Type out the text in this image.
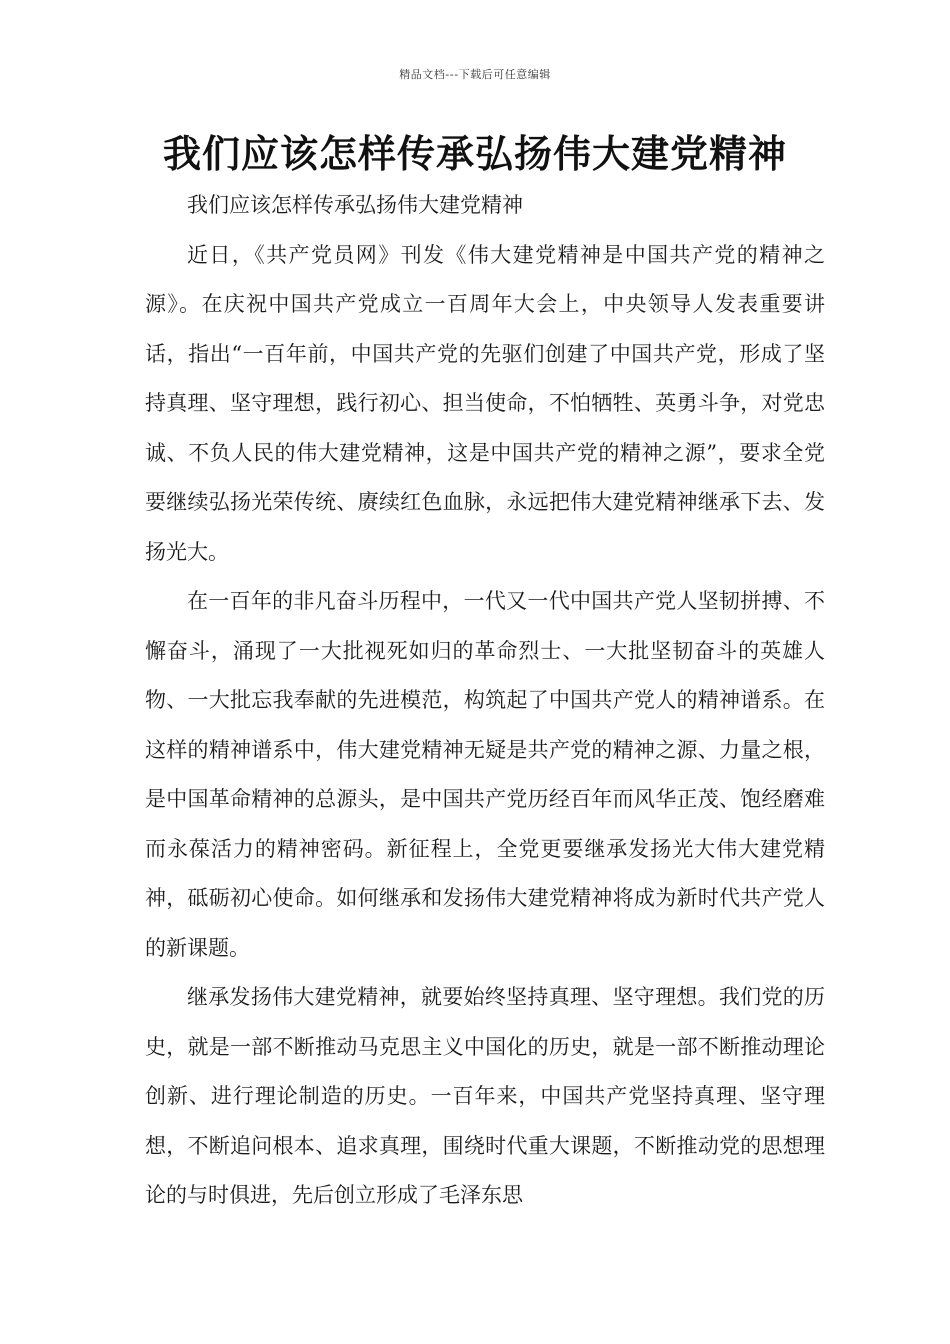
精品文档---下载后可任意编辑
我们应该怎样传承弘扬伟大建党精神

我们应该怎样传承弘扬伟大建党精神

近日，《共产党员网》刊发《伟大建党精神是中国共产党的精神之源》。在庆祝中国共产党成立一百周年大会上，中央领导人发表重要讲话，指出“一百年前，中国共产党的先驱们创建了中国共产党，形成了坚持真理、坚守理想，践行初心、担当使命，不怕牺牲、英勇斗争，对党忠诚、不负人民的伟大建党精神，这是中国共产党的精神之源”，要求全党要继续弘扬光荣传统、赓续红色血脉，永远把伟大建党精神继承下去、发扬光大。

在一百年的非凡奋斗历程中，一代又一代中国共产党人坚韧拼搏、不懈奋斗，涌现了一大批视死如归的革命烈士、一大批坚韧奋斗的英雄人物、一大批忘我奉献的先进模范，构筑起了中国共产党人的精神谱系。在这样的精神谱系中，伟大建党精神无疑是共产党的精神之源、力量之根，是中国革命精神的总源头，是中国共产党历经百年而风华正茂、饱经磨难而永葆活力的精神密码。新征程上，全党更要继承发扬光大伟大建党精神，砥砺初心使命。如何继承和发扬伟大建党精神将成为新时代共产党人的新课题。

继承发扬伟大建党精神，就要始终坚持真理、坚守理想。我们党的历史，就是一部不断推动马克思主义中国化的历史，就是一部不断推动理论创新、进行理论制造的历史。一百年来，中国共产党坚持真理、坚守理想，不断追问根本、追求真理，围绕时代重大课题，不断推动党的思想理论的与时俱进，先后创立形成了毛泽东思
